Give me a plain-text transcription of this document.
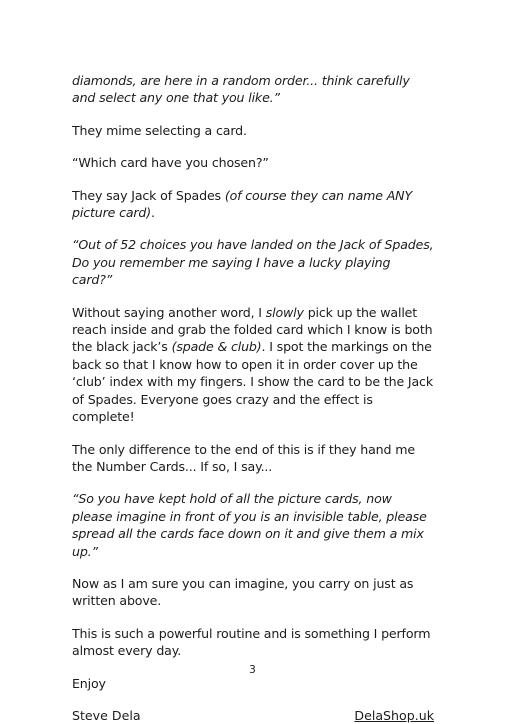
diamonds, are here in a random order... think carefully and select any one that you like.”

They mime selecting a card.

“Which card have you chosen?”

They say Jack of Spades (of course they can name ANY picture card).

“Out of 52 choices you have landed on the Jack of Spades, Do you remember me saying I have a lucky playing card?”

Without saying another word, I slowly pick up the wallet reach inside and grab the folded card which I know is both the black jack’s (spade & club). I spot the markings on the back so that I know how to open it in order cover up the ‘club’ index with my fingers. I show the card to be the Jack of Spades. Everyone goes crazy and the effect is complete!

The only difference to the end of this is if they hand me the Number Cards... If so, I say...

“So you have kept hold of all the picture cards, now please imagine in front of you is an invisible table, please spread all the cards face down on it and give them a mix up.”

Now as I am sure you can imagine, you carry on just as written above.

This is such a powerful routine and is something I perform almost every day.

Enjoy

Steve Dela	DelaShop.uk
3
